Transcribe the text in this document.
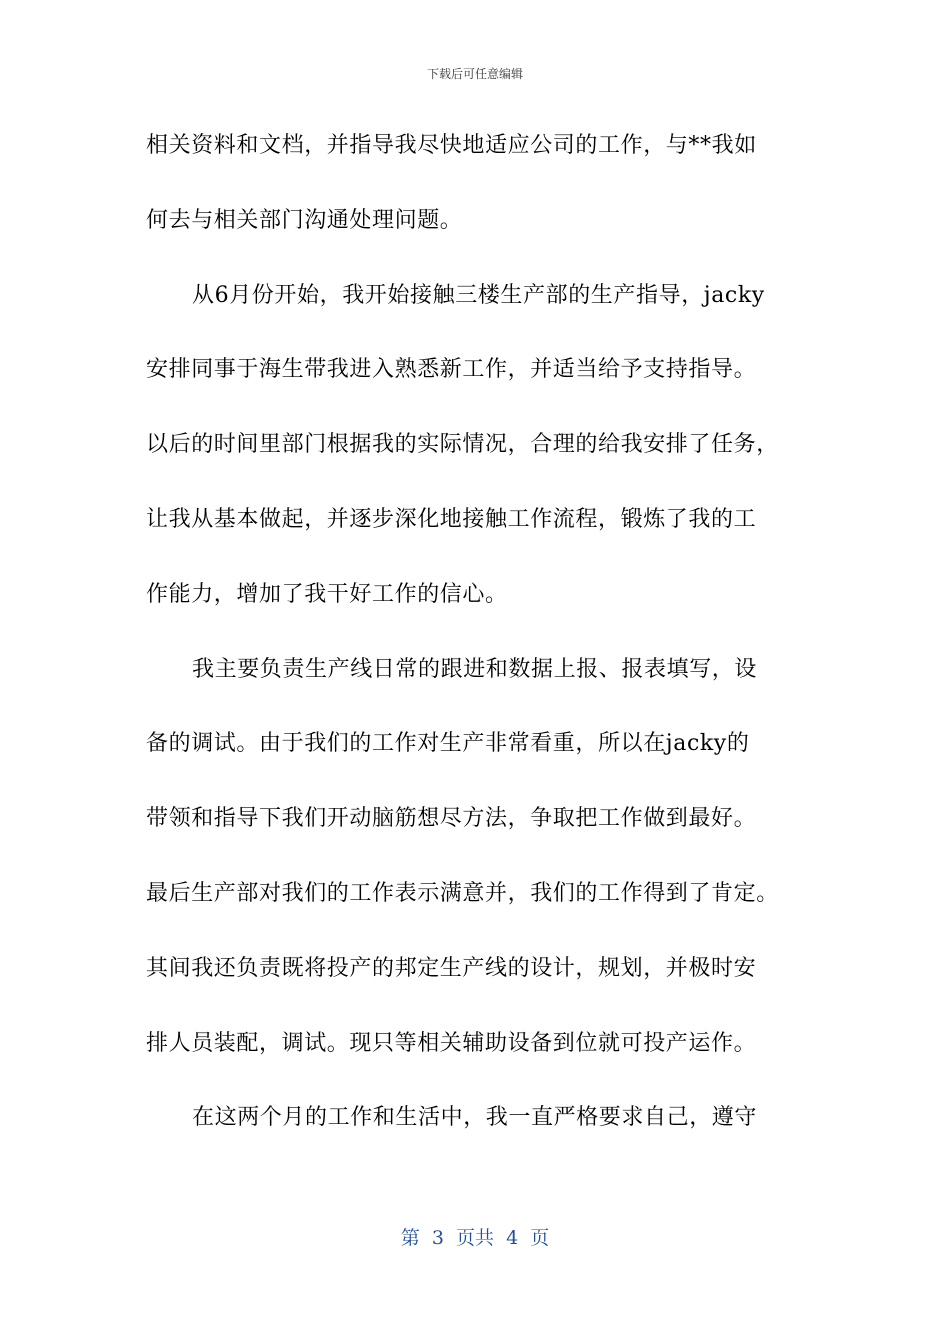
下载后可任意编辑
相关资料和文档，并指导我尽快地适应公司的工作，与**我如
何去与相关部门沟通处理问题。
从6月份开始，我开始接触三楼生产部的生产指导，jacky
安排同事于海生带我进入熟悉新工作，并适当给予支持指导。
以后的时间里部门根据我的实际情况，合理的给我安排了任务，
让我从基本做起，并逐步深化地接触工作流程，锻炼了我的工
作能力，增加了我干好工作的信心。
我主要负责生产线日常的跟进和数据上报、报表填写，设
备的调试。由于我们的工作对生产非常看重，所以在jacky的
带领和指导下我们开动脑筋想尽方法，争取把工作做到最好。
最后生产部对我们的工作表示满意并，我们的工作得到了肯定。
其间我还负责既将投产的邦定生产线的设计，规划，并极时安
排人员装配，调试。现只等相关辅助设备到位就可投产运作。
在这两个月的工作和生活中，我一直严格要求自己，遵守
第  3  页共  4  页
